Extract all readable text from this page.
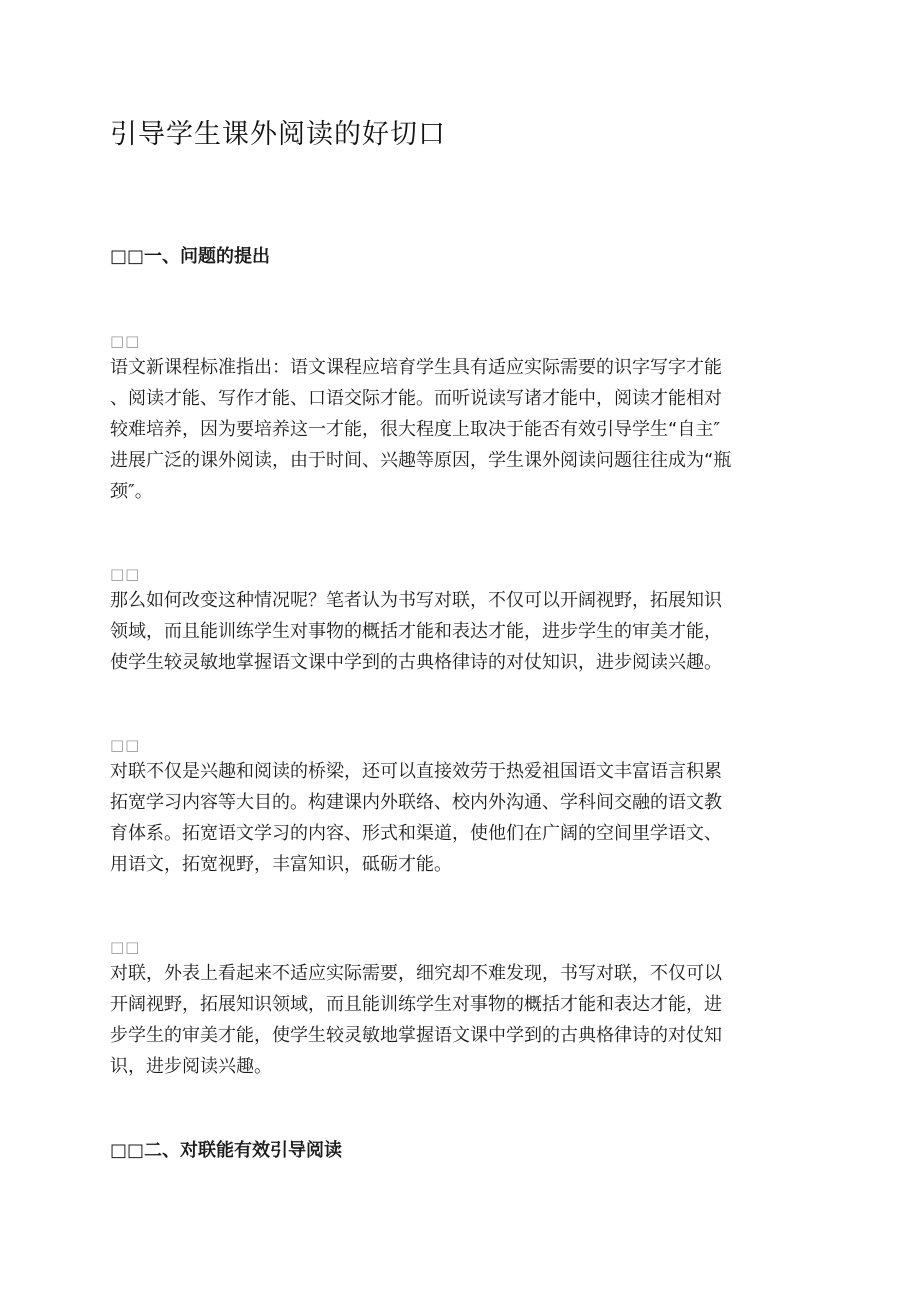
引导学生课外阅读的好切口
□□一、问题的提出
□□
语文新课程标准指出：语文课程应培育学生具有适应实际需要的识字写字才能
、阅读才能、写作才能、口语交际才能。而听说读写诸才能中，阅读才能相对
较难培养，因为要培养这一才能，很大程度上取决于能否有效引导学生“自主″
进展广泛的课外阅读，由于时间、兴趣等原因，学生课外阅读问题往往成为“瓶
颈″。
□□
那么如何改变这种情况呢？笔者认为书写对联，不仅可以开阔视野，拓展知识
领域，而且能训练学生对事物的概括才能和表达才能，进步学生的审美才能，
使学生较灵敏地掌握语文课中学到的古典格律诗的对仗知识，进步阅读兴趣。
□□
对联不仅是兴趣和阅读的桥梁，还可以直接效劳于热爱祖国语文丰富语言积累
拓宽学习内容等大目的。构建课内外联络、校内外沟通、学科间交融的语文教
育体系。拓宽语文学习的内容、形式和渠道，使他们在广阔的空间里学语文、
用语文，拓宽视野，丰富知识，砥砺才能。
□□
对联，外表上看起来不适应实际需要，细究却不难发现，书写对联，不仅可以
开阔视野，拓展知识领域，而且能训练学生对事物的概括才能和表达才能，进
步学生的审美才能，使学生较灵敏地掌握语文课中学到的古典格律诗的对仗知
识，进步阅读兴趣。
□□二、对联能有效引导阅读
